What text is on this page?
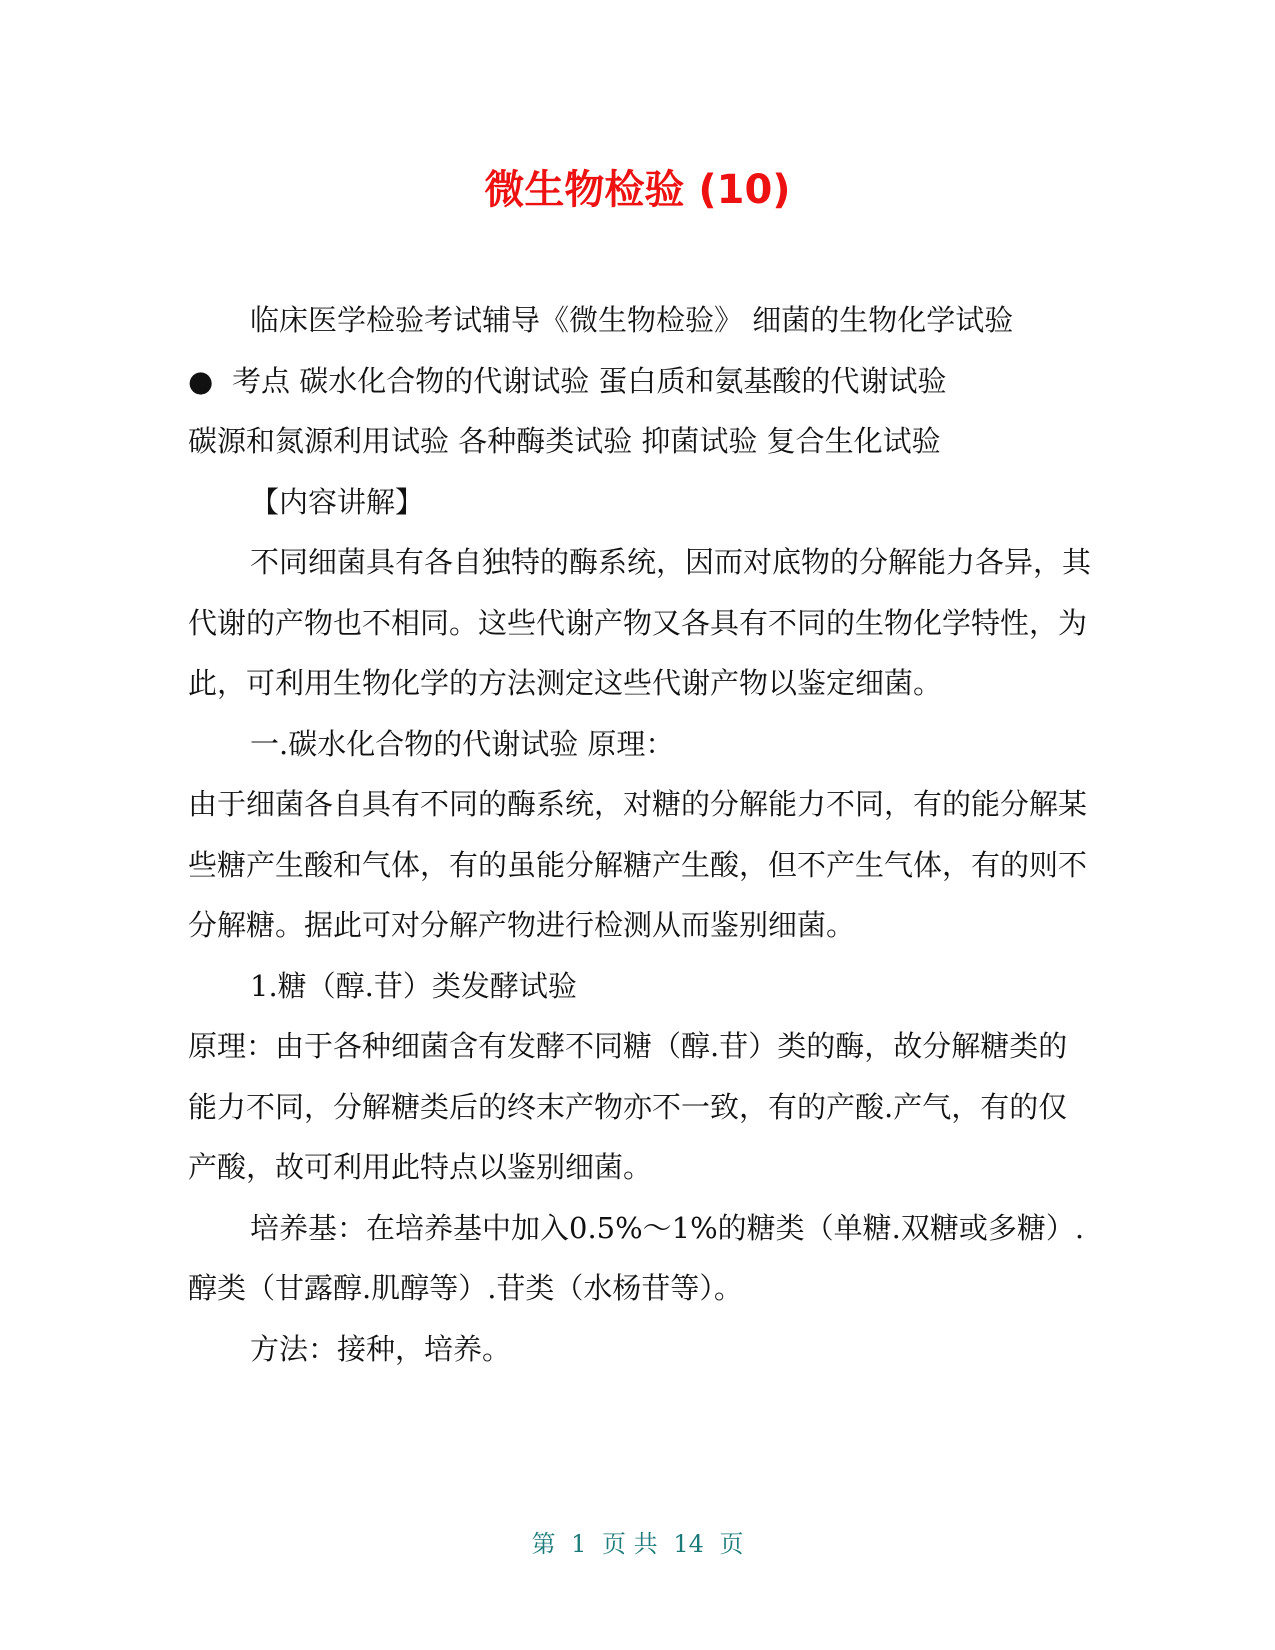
微生物检验 (10)

临床医学检验考试辅导《微生物检验》 细菌的生物化学试验

● 考点 碳水化合物的代谢试验 蛋白质和氨基酸的代谢试验

碳源和氮源利用试验 各种酶类试验 抑菌试验 复合生化试验

【内容讲解】

不同细菌具有各自独特的酶系统，因而对底物的分解能力各异，其代谢的产物也不相同。这些代谢产物又各具有不同的生物化学特性，为此，可利用生物化学的方法测定这些代谢产物以鉴定细菌。

一.碳水化合物的代谢试验 原理：

由于细菌各自具有不同的酶系统，对糖的分解能力不同，有的能分解某些糖产生酸和气体，有的虽能分解糖产生酸，但不产生气体，有的则不分解糖。据此可对分解产物进行检测从而鉴别细菌。

1.糖（醇.苷）类发酵试验

原理：由于各种细菌含有发酵不同糖（醇.苷）类的酶，故分解糖类的能力不同，分解糖类后的终末产物亦不一致，有的产酸.产气，有的仅产酸，故可利用此特点以鉴别细菌。

培养基：在培养基中加入0.5%～1%的糖类（单糖.双糖或多糖）.醇类（甘露醇.肌醇等）.苷类（水杨苷等）。

方法：接种，培养。

第 1 页 共 14 页
